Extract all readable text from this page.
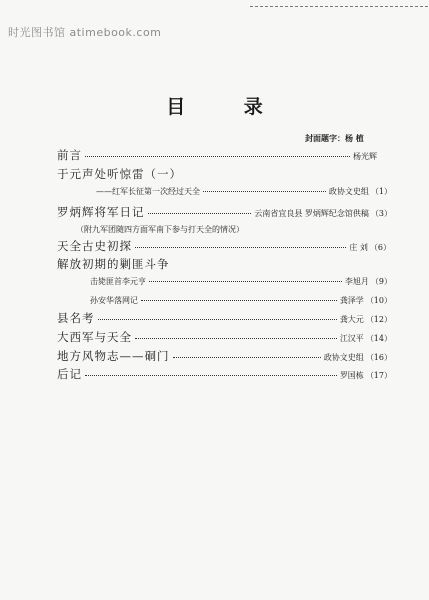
时光图书馆 atimebook.com
目 录
封面题字：杨 植
前言	杨光辉
于元声处听惊雷（一）
——红军长征第一次经过天全	政协文史组 （1）
罗炳辉将军日记	云南省宜良县 罗炳辉纪念馆供稿 （3）
（附九军团随四方面军南下参与打天全的情况）
天全古史初探	庄 刘 （6）
解放初期的剿匪斗争
击毙匪首李元亨	李旭月 （9）
孙安华落网记	龚泽学 （10）
县名考	龚大元 （12）
大西军与天全	江汉平 （14）
地方风物志——硐门	政协文史组 （16）
后记	罗国栋 （17）
